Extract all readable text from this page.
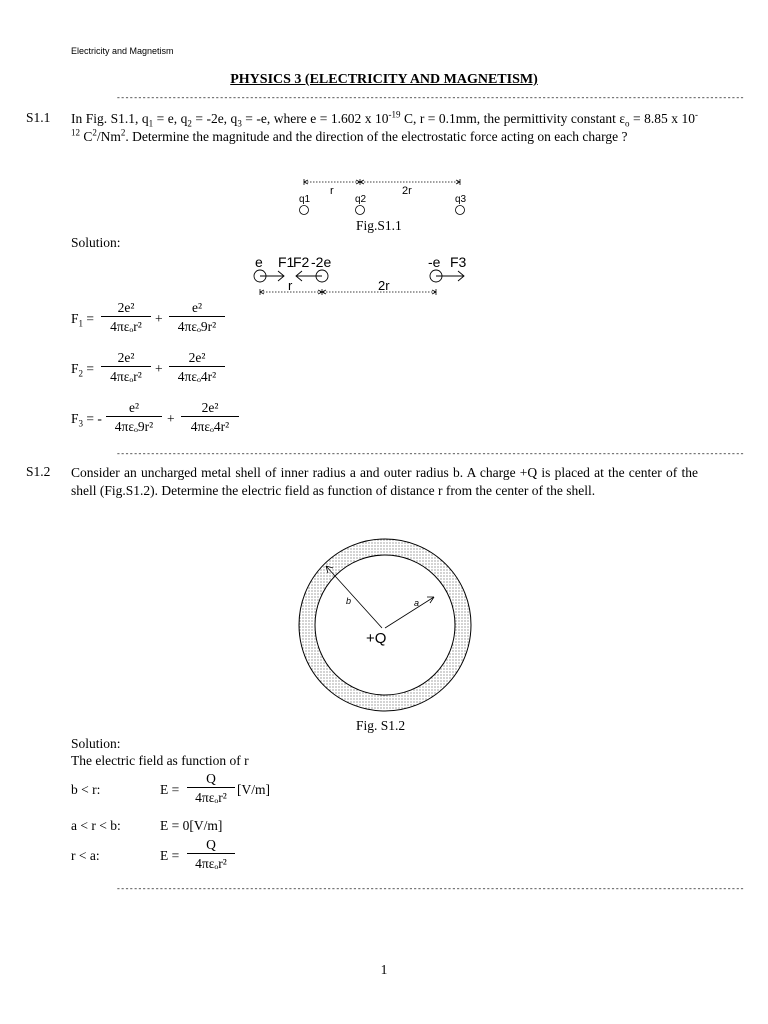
Electricity and Magnetism
PHYSICS 3 (ELECTRICITY AND MAGNETISM)
--------------------------------------------------------------------------------------------------------------------------------------------------
S1.1 In Fig. S1.1, $q_1 = e$, $q_2 = -2e$, $q_3 = -e$, where e = 1.602 x $10^{-19}$ C, r = 0.1mm, the permittivity constant $\varepsilon_o = 8.85$ x $10^{-12}$ $C^2/Nm^2$. Determine the magnitude and the direction of the electrostatic force acting on each charge ?
r	2r
q1	q2	q3
Fig.S1.1
Solution:
e F1
F2 -2e	-e F3
r	2r
$F_1$ =
2e²
4πεₒr²
+
e²
4πεₒ9r²
$F_2$ =
2e²
4πεₒr²
+
2e²
4πεₒ4r²
$F_3$ = -
e²
4πεₒ9r²
+
2e²
4πεₒ4r²
--------------------------------------------------------------------------------------------------------------------------------------------------
S1.2 Consider an uncharged metal shell of inner radius a and outer radius b. A charge +Q is placed at the center of the shell (Fig.S1.2). Determine the electric field as function of distance r from the center of the shell.
b	a
+Q
Fig. S1.2
Solution:
The electric field as function of r
b < r:	E =
Q
4πεₒr²
[V/m]
a < r < b:	E = 0[V/m]
r < a:	E =
Q
4πεₒr²
--------------------------------------------------------------------------------------------------------------------------------------------------
1
